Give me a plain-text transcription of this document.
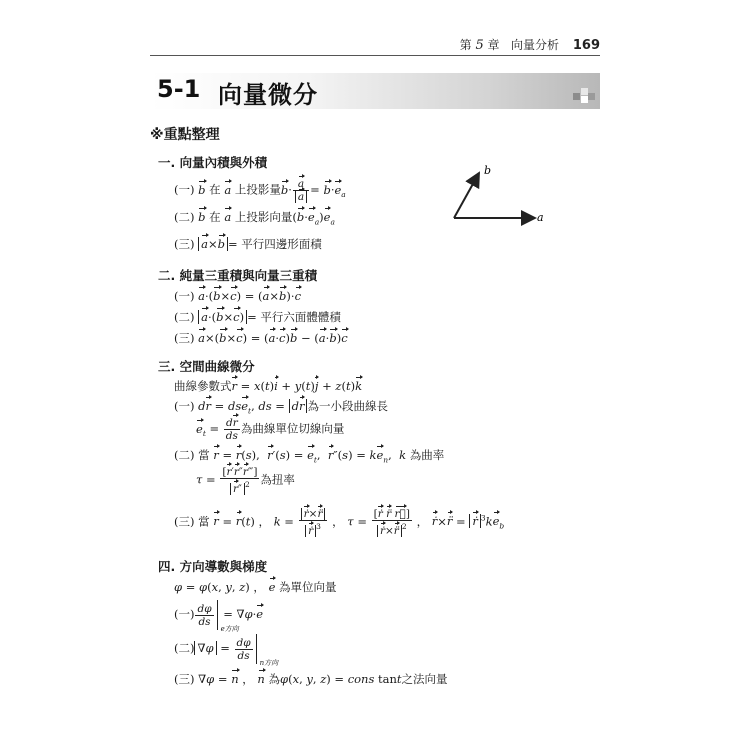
第 5 章 向量分析 169
5-1 向量微分
※重點整理
一. 向量內積與外積
(一) b 在 a 上投影量$b\cdot \frac{a}{a} = b\cdot e_a$
(二) b 在 a 上投影向量$(b\cdot e_a)e_a$
(三) a×b = 平行四邊形面積
b
a
二. 純量三重積與向量三重積
(一) a·(b×c) = (a×b)·c
(二) a·(b×c) = 平行六面體體積
(三) a×(b×c) = (a·c)b − (a·b)c
三. 空間曲線微分
曲線參數式r = x(t)i + y(t)j + z(t)k
(一) dr = dse$_t$, ds = dr 為一小段曲線長
$e_t = \frac{dr}{ds}$ 為曲線單位切線向量
(二) 當 r = r(s),  $r'(s) = e_t$,  $r''(s) = ke_n$,  k 為曲率
$\tau = \frac{[r'r''r‴]}{r'' ^2}$ 為扭率
(三) 當 r = r(t) ， $k = \frac{ṙ\times r̈}{ṙ ^3}$ ， $\tau = \frac{[ṙ r̈ r⃛]}{ṙ\times r̈ ^2}$ ， ṙ×r̈ = ṙ $^3ke_b$
四. 方向導數與梯度
φ = φ(x, y, z) ， e 為單位向量
(一) $\frac{d\varphi}{ds}$
e方向
= ∇φ·e
(二) $\nabla\varphi = \frac{d\varphi}{ds}$
n方向
(三) ∇φ = n ， n 為φ(x, y, z) = cons tant之法向量
